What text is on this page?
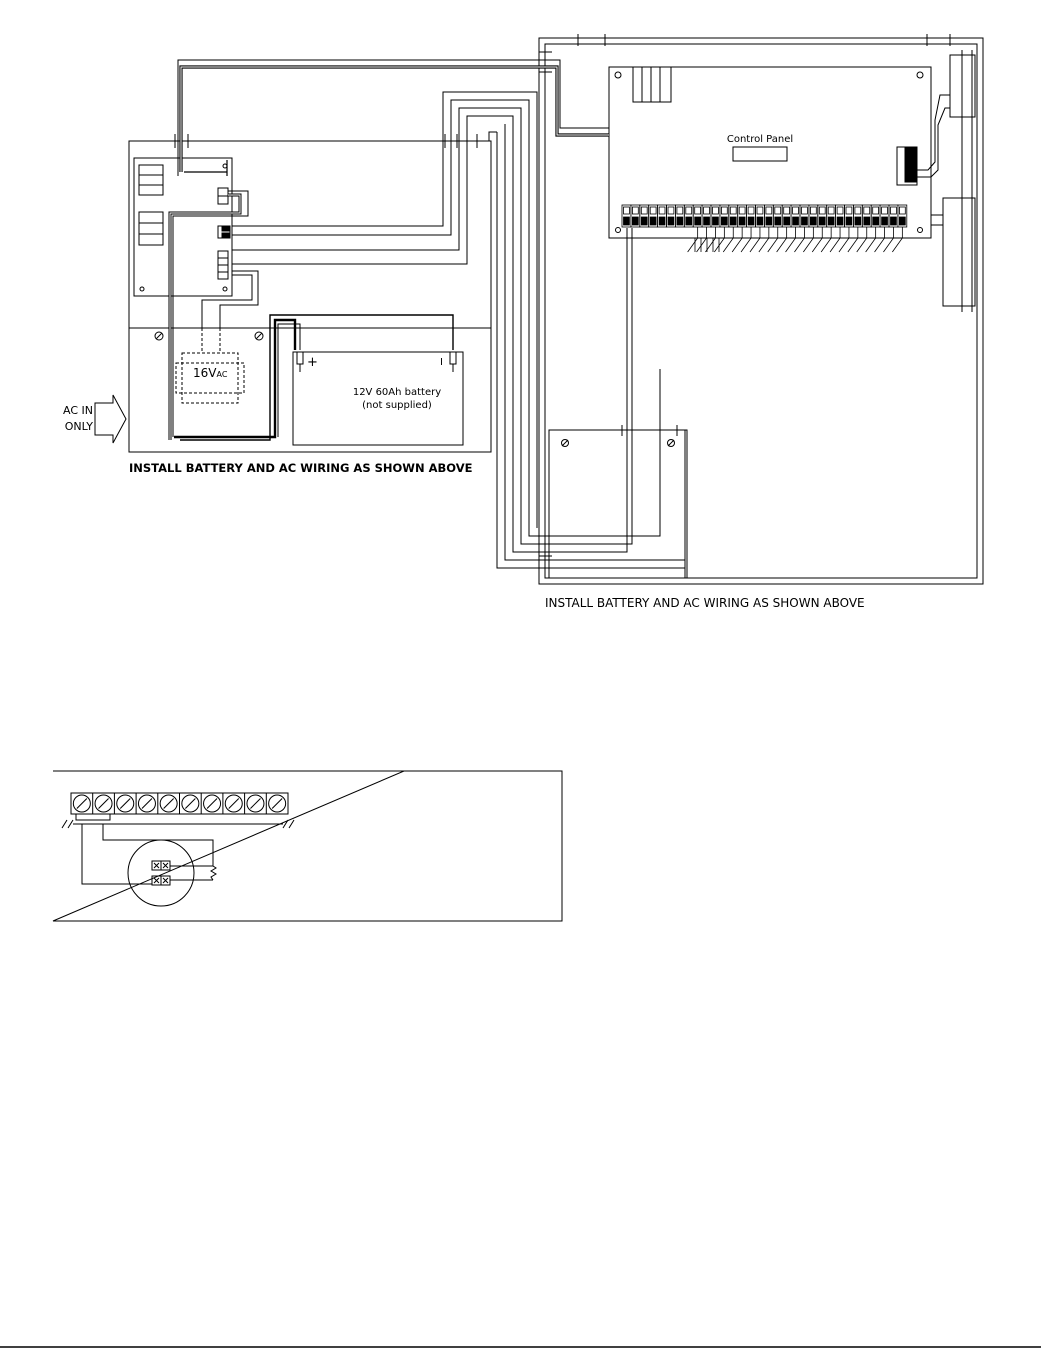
16VAC
+	I
12V 60Ah battery
(not supplied)
AC IN
ONLY
INSTALL BATTERY AND AC WIRING AS SHOWN ABOVE
Control Panel
INSTALL BATTERY AND AC WIRING AS SHOWN ABOVE
